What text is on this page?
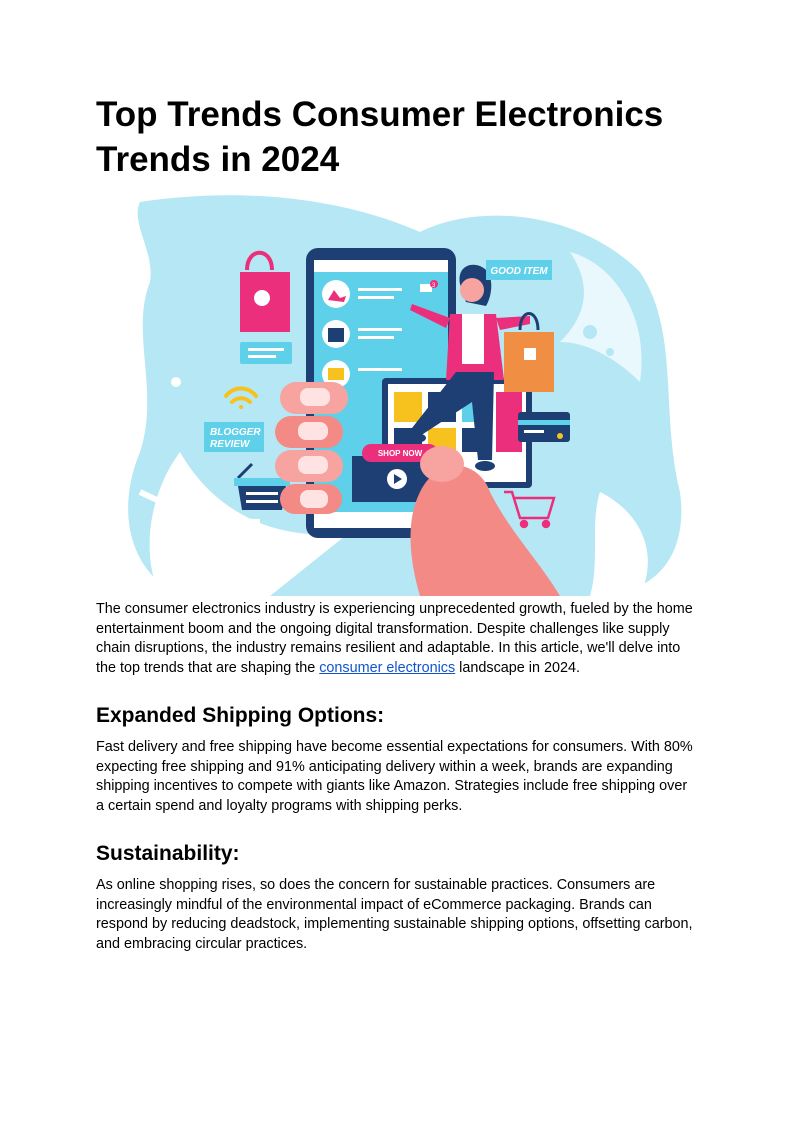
Top Trends Consumer Electronics Trends in 2024

The consumer electronics industry is experiencing unprecedented growth, fueled by the home entertainment boom and the ongoing digital transformation. Despite challenges like supply chain disruptions, the industry remains resilient and adaptable. In this article, we'll delve into the top trends that are shaping the consumer electronics landscape in 2024.

Expanded Shipping Options:

Fast delivery and free shipping have become essential expectations for consumers. With 80% expecting free shipping and 91% anticipating delivery within a week, brands are expanding shipping incentives to compete with giants like Amazon. Strategies include free shipping over a certain spend and loyalty programs with shipping perks.

Sustainability:

As online shopping rises, so does the concern for sustainable practices. Consumers are increasingly mindful of the environmental impact of eCommerce packaging. Brands can respond by reducing deadstock, implementing sustainable shipping options, offsetting carbon, and embracing circular practices.

BLOGGER
REVIEW
3
SHOP NOW
GOOD ITEM
